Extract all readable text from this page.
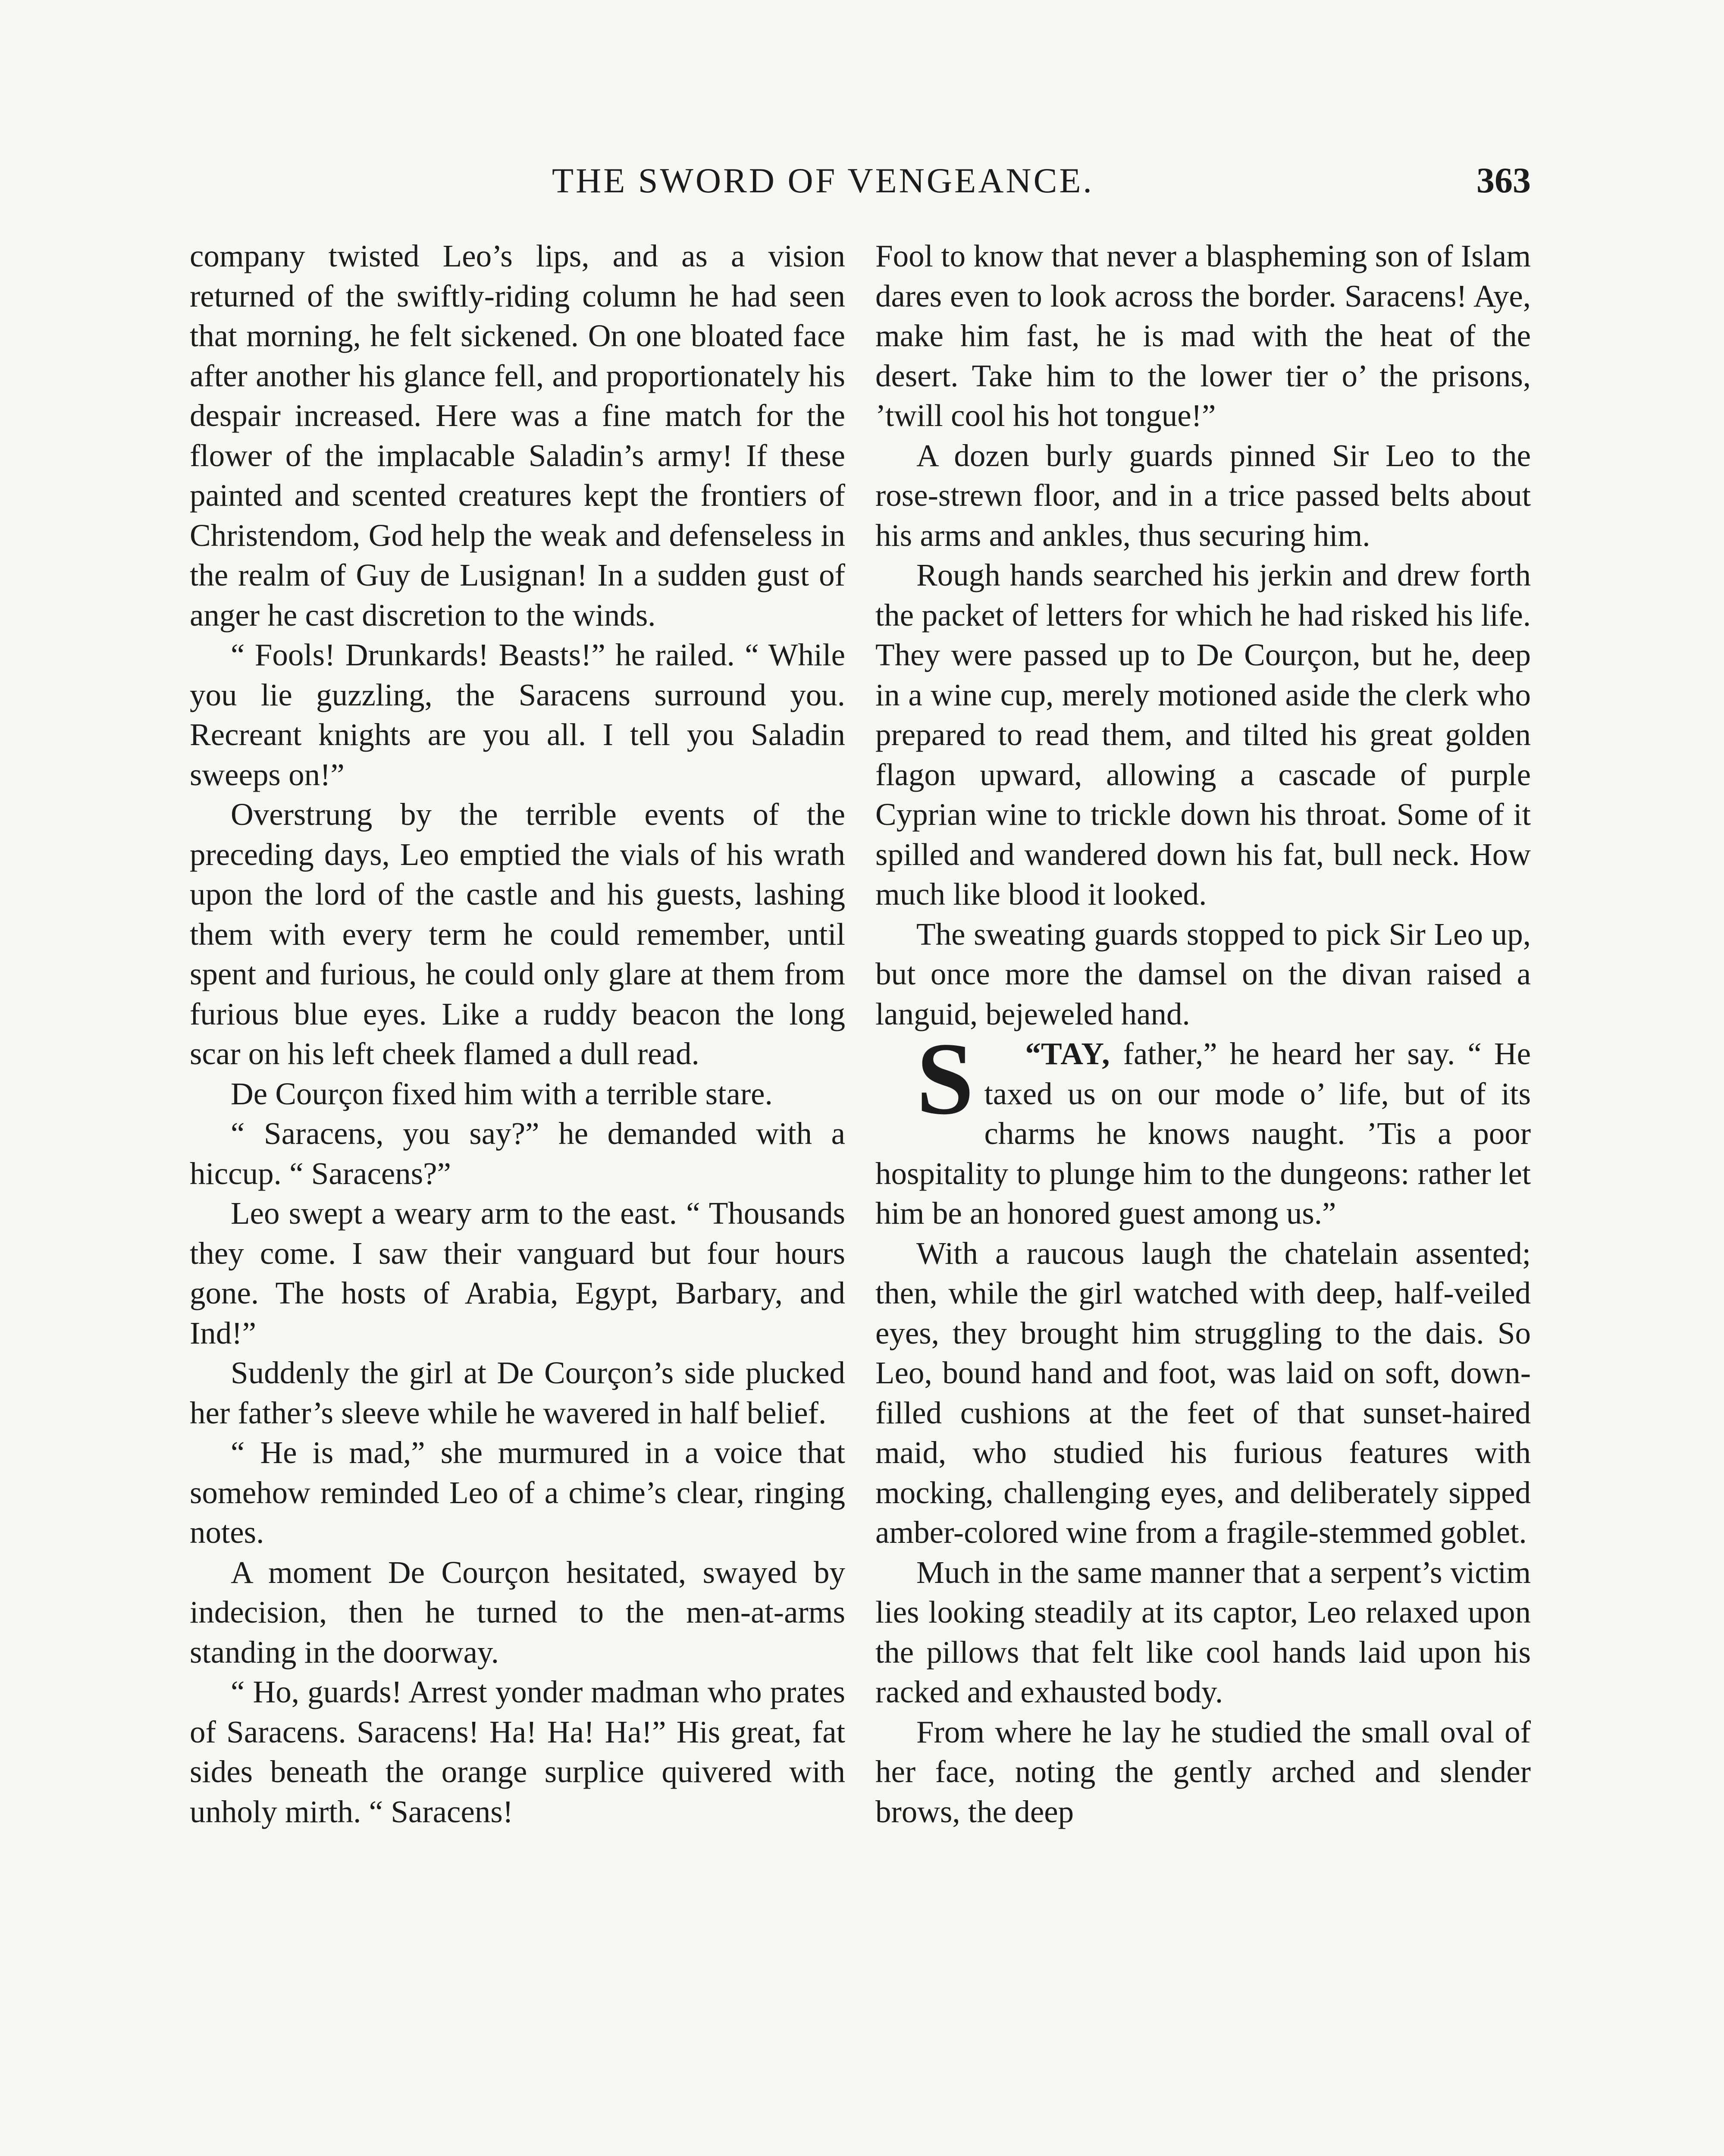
THE SWORD OF VENGEANCE.	363

company twisted Leo’s lips, and as a vision returned of the swiftly-riding column he had seen that morning, he felt sickened. On one bloated face after another his glance fell, and proportionately his despair increased. Here was a fine match for the flower of the implacable Saladin’s army! If these painted and scented creatures kept the frontiers of Christendom, God help the weak and defenseless in the realm of Guy de Lusignan! In a sudden gust of anger he cast discretion to the winds.

“ Fools! Drunkards! Beasts!” he railed. “ While you lie guzzling, the Saracens surround you. Recreant knights are you all. I tell you Saladin sweeps on!”

Overstrung by the terrible events of the preceding days, Leo emptied the vials of his wrath upon the lord of the castle and his guests, lashing them with every term he could remember, until spent and furious, he could only glare at them from furious blue eyes. Like a ruddy beacon the long scar on his left cheek flamed a dull read.

De Courçon fixed him with a terrible stare.

“ Saracens, you say?” he demanded with a hiccup. “ Saracens?”

Leo swept a weary arm to the east. “ Thousands they come. I saw their vanguard but four hours gone. The hosts of Arabia, Egypt, Barbary, and Ind!”

Suddenly the girl at De Courçon’s side plucked her father’s sleeve while he wavered in half belief.

“ He is mad,” she murmured in a voice that somehow reminded Leo of a chime’s clear, ringing notes.

A moment De Courçon hesitated, swayed by indecision, then he turned to the men-at-arms standing in the doorway.

“ Ho, guards! Arrest yonder madman who prates of Saracens. Saracens! Ha! Ha! Ha!” His great, fat sides beneath the orange surplice quivered with unholy mirth. “ Saracens!

Fool to know that never a blaspheming son of Islam dares even to look across the border. Saracens! Aye, make him fast, he is mad with the heat of the desert. Take him to the lower tier o’ the prisons, ’twill cool his hot tongue!”

A dozen burly guards pinned Sir Leo to the rose-strewn floor, and in a trice passed belts about his arms and ankles, thus securing him.

Rough hands searched his jerkin and drew forth the packet of letters for which he had risked his life. They were passed up to De Courçon, but he, deep in a wine cup, merely motioned aside the clerk who prepared to read them, and tilted his great golden flagon upward, allowing a cascade of purple Cyprian wine to trickle down his throat. Some of it spilled and wandered down his fat, bull neck. How much like blood it looked.

The sweating guards stopped to pick Sir Leo up, but once more the damsel on the divan raised a languid, bejeweled hand.

“
S TAY, father,” he heard her say. “ He taxed us on our mode o’ life, but of its charms he knows naught. ’Tis a poor hospitality to plunge him to the dungeons: rather let him be an honored guest among us.”

With a raucous laugh the chatelain assented; then, while the girl watched with deep, half-veiled eyes, they brought him struggling to the dais. So Leo, bound hand and foot, was laid on soft, down-filled cushions at the feet of that sunset-haired maid, who studied his furious features with mocking, challenging eyes, and deliberately sipped amber-colored wine from a fragile-stemmed goblet.

Much in the same manner that a serpent’s victim lies looking steadily at its captor, Leo relaxed upon the pillows that felt like cool hands laid upon his racked and exhausted body.

From where he lay he studied the small oval of her face, noting the gently arched and slender brows, the deep
